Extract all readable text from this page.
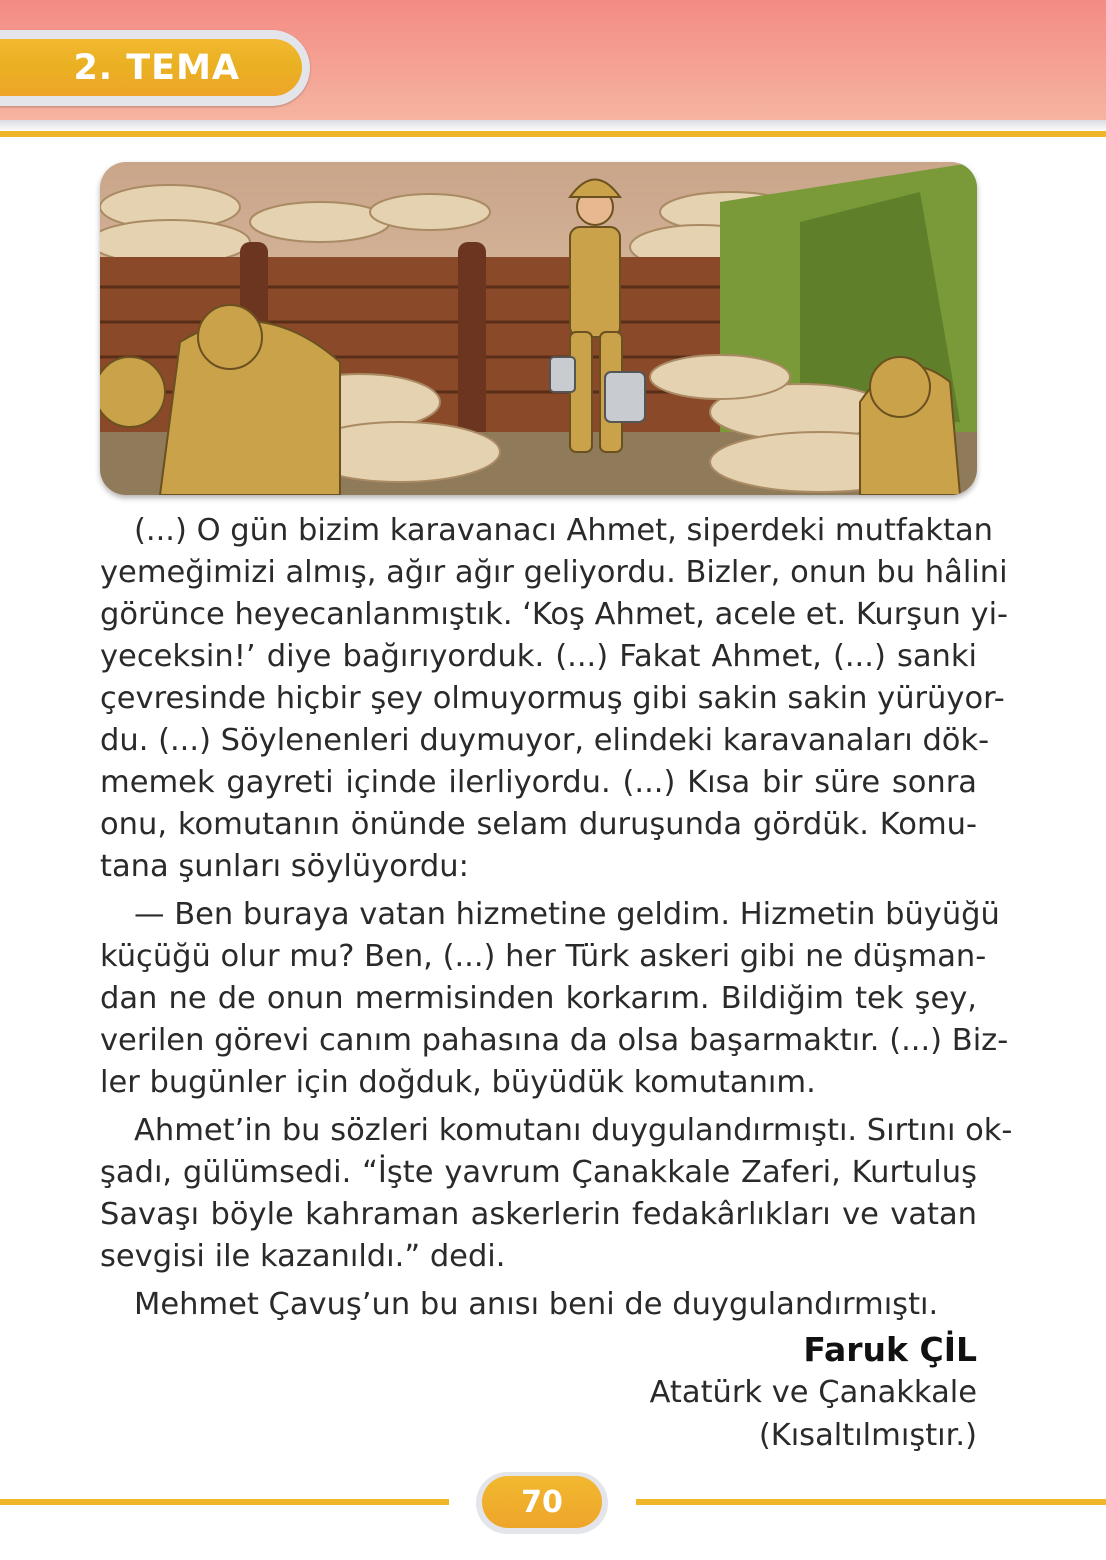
2. TEMA
(...) O gün bizim karavanacı Ahmet, siperdeki mutfaktan
yemeğimizi almış, ağır ağır geliyordu. Bizler, onun bu hâlini
görünce heyecanlanmıştık. ‘Koş Ahmet, acele et. Kurşun yi-
yeceksin!’ diye bağırıyorduk. (...) Fakat Ahmet, (...) sanki
çevresinde hiçbir şey olmuyormuş gibi sakin sakin yürüyor-
du. (...) Söylenenleri duymuyor, elindeki karavanaları dök-
memek gayreti içinde ilerliyordu. (...) Kısa bir süre sonra
onu, komutanın önünde selam duruşunda gördük. Komu-
tana şunları söylüyordu:
— Ben buraya vatan hizmetine geldim. Hizmetin büyüğü
küçüğü olur mu? Ben, (...) her Türk askeri gibi ne düşman-
dan ne de onun mermisinden korkarım. Bildiğim tek şey,
verilen görevi canım pahasına da olsa başarmaktır. (...) Biz-
ler bugünler için doğduk, büyüdük komutanım.
Ahmet’in bu sözleri komutanı duygulandırmıştı. Sırtını ok-
şadı, gülümsedi. “İşte yavrum Çanakkale Zaferi, Kurtuluş
Savaşı böyle kahraman askerlerin fedakârlıkları ve vatan
sevgisi ile kazanıldı.” dedi.
Mehmet Çavuş’un bu anısı beni de duygulandırmıştı.
Faruk ÇİL
Atatürk ve Çanakkale
(Kısaltılmıştır.)
70
